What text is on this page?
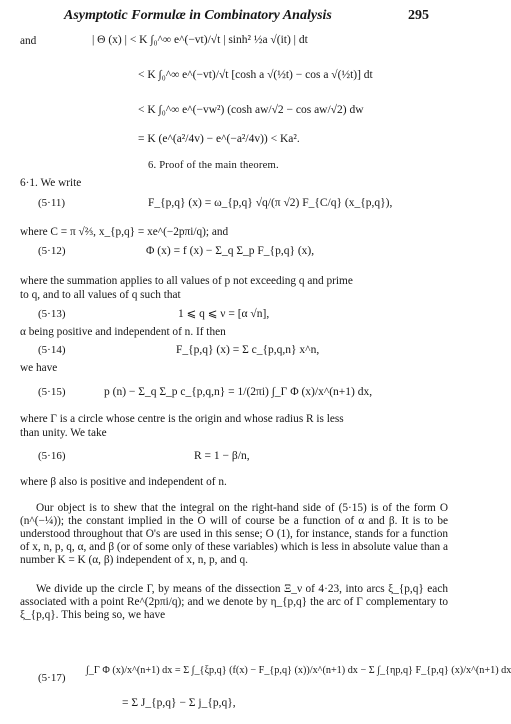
Asymptotic Formulæ in Combinatory Analysis	295
and	| Θ (x) | < K ∫₀^∞ e^(−vt)/√t | sinh² ½a √(it) | dt
< K ∫₀^∞ e^(−vt)/√t [cosh a √(½t) − cos a √(½t)] dt
< K ∫₀^∞ e^(−vw²) (cosh aw/√2 − cos aw/√2) dw
= K (e^(a²/4v) − e^(−a²/4v)) < Ka².
6. Proof of the main theorem.
6·1. We write
(5·11)	F_{p,q} (x) = ω_{p,q} √q/(π √2) F_{C/q} (x_{p,q}),
where C = π √⅔, x_{p,q} = xe^(−2pπi/q); and
(5·12)	Φ (x) = f (x) − Σ_q Σ_p F_{p,q} (x),
where the summation applies to all values of p not exceeding q and prime
to q, and to all values of q such that
(5·13)	1 ⩽ q ⩽ ν = [α √n],
α being positive and independent of n. If then
(5·14)	F_{p,q} (x) = Σ c_{p,q,n} x^n,
we have
(5·15)	p (n) − Σ_q Σ_p c_{p,q,n} = 1/(2πi) ∫_Γ Φ (x)/x^(n+1) dx,
where Γ is a circle whose centre is the origin and whose radius R is less
than unity. We take
(5·16)	R = 1 − β/n,
where β also is positive and independent of n.
Our object is to shew that the integral on the right-hand side of (5·15) is of the form O (n^(−¼)); the constant implied in the O will of course be a function of α and β. It is to be understood throughout that O's are used in this sense; O (1), for instance, stands for a function of x, n, p, q, α, and β (or of some only of these variables) which is less in absolute value than a number K = K (α, β) independent of x, n, p, and q.
We divide up the circle Γ, by means of the dissection Ξ_ν of 4·23, into arcs ξ_{p,q} each associated with a point Re^(2pπi/q); and we denote by η_{p,q} the arc of Γ complementary to ξ_{p,q}. This being so, we have
(5·17)
∫_Γ Φ (x)/x^(n+1) dx = Σ ∫_{ξp,q} (f(x) − F_{p,q} (x))/x^(n+1) dx − Σ ∫_{ηp,q} F_{p,q} (x)/x^(n+1) dx
= Σ J_{p,q} − Σ j_{p,q},
